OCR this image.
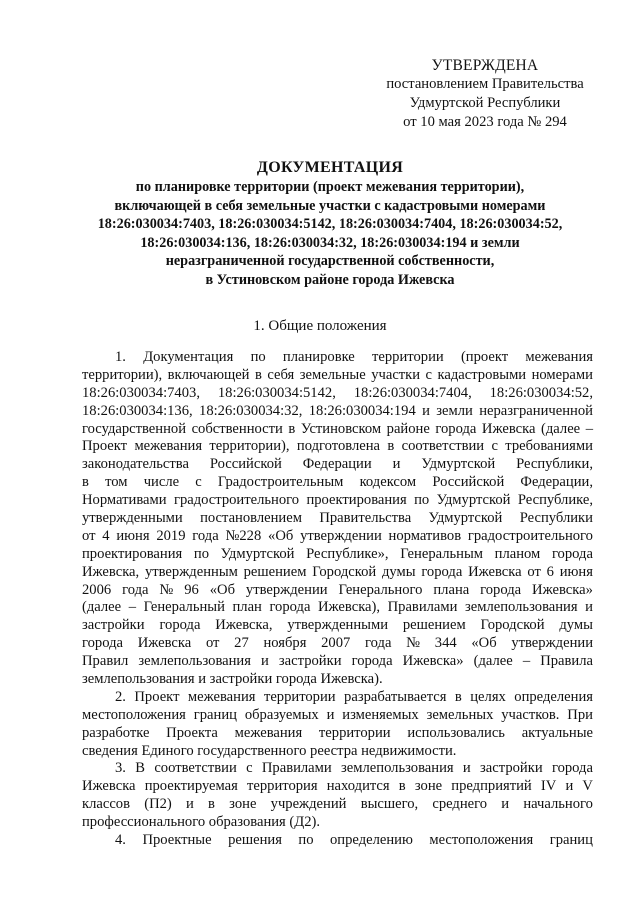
УТВЕРЖДЕНА
постановлением Правительства
Удмуртской Республики
от 10 мая 2023 года № 294
ДОКУМЕНТАЦИЯ
по планировке территории (проект межевания территории),
включающей в себя земельные участки с кадастровыми номерами
18:26:030034:7403, 18:26:030034:5142, 18:26:030034:7404, 18:26:030034:52,
18:26:030034:136, 18:26:030034:32, 18:26:030034:194 и земли
неразграниченной государственной собственности,
в Устиновском районе города Ижевска
1. Общие положения
1. Документация по планировке территории (проект межевания
территории), включающей в себя земельные участки с кадастровыми номерами
18:26:030034:7403, 18:26:030034:5142, 18:26:030034:7404, 18:26:030034:52,
18:26:030034:136, 18:26:030034:32, 18:26:030034:194 и земли неразграниченной
государственной собственности в Устиновском районе города Ижевска (далее –
Проект межевания территории), подготовлена в соответствии с требованиями
законодательства Российской Федерации и Удмуртской Республики,
в том числе с Градостроительным кодексом Российской Федерации,
Нормативами градостроительного проектирования по Удмуртской Республике,
утвержденными постановлением Правительства Удмуртской Республики
от 4 июня 2019 года №228 «Об утверждении нормативов градостроительного
проектирования по Удмуртской Республике», Генеральным планом города
Ижевска, утвержденным решением Городской думы города Ижевска от 6 июня
2006 года № 96 «Об утверждении Генерального плана города Ижевска»
(далее – Генеральный план города Ижевска), Правилами землепользования и
застройки города Ижевска, утвержденными решением Городской думы
города Ижевска от 27 ноября 2007 года № 344 «Об утверждении
Правил землепользования и застройки города Ижевска» (далее – Правила
землепользования и застройки города Ижевска).
2. Проект межевания территории разрабатывается в целях определения
местоположения границ образуемых и изменяемых земельных участков. При
разработке Проекта межевания территории использовались актуальные
сведения Единого государственного реестра недвижимости.
3. В соответствии с Правилами землепользования и застройки города
Ижевска проектируемая территория находится в зоне предприятий IV и V
классов (П2) и в зоне учреждений высшего, среднего и начального
профессионального образования (Д2).
4. Проектные решения по определению местоположения границ
